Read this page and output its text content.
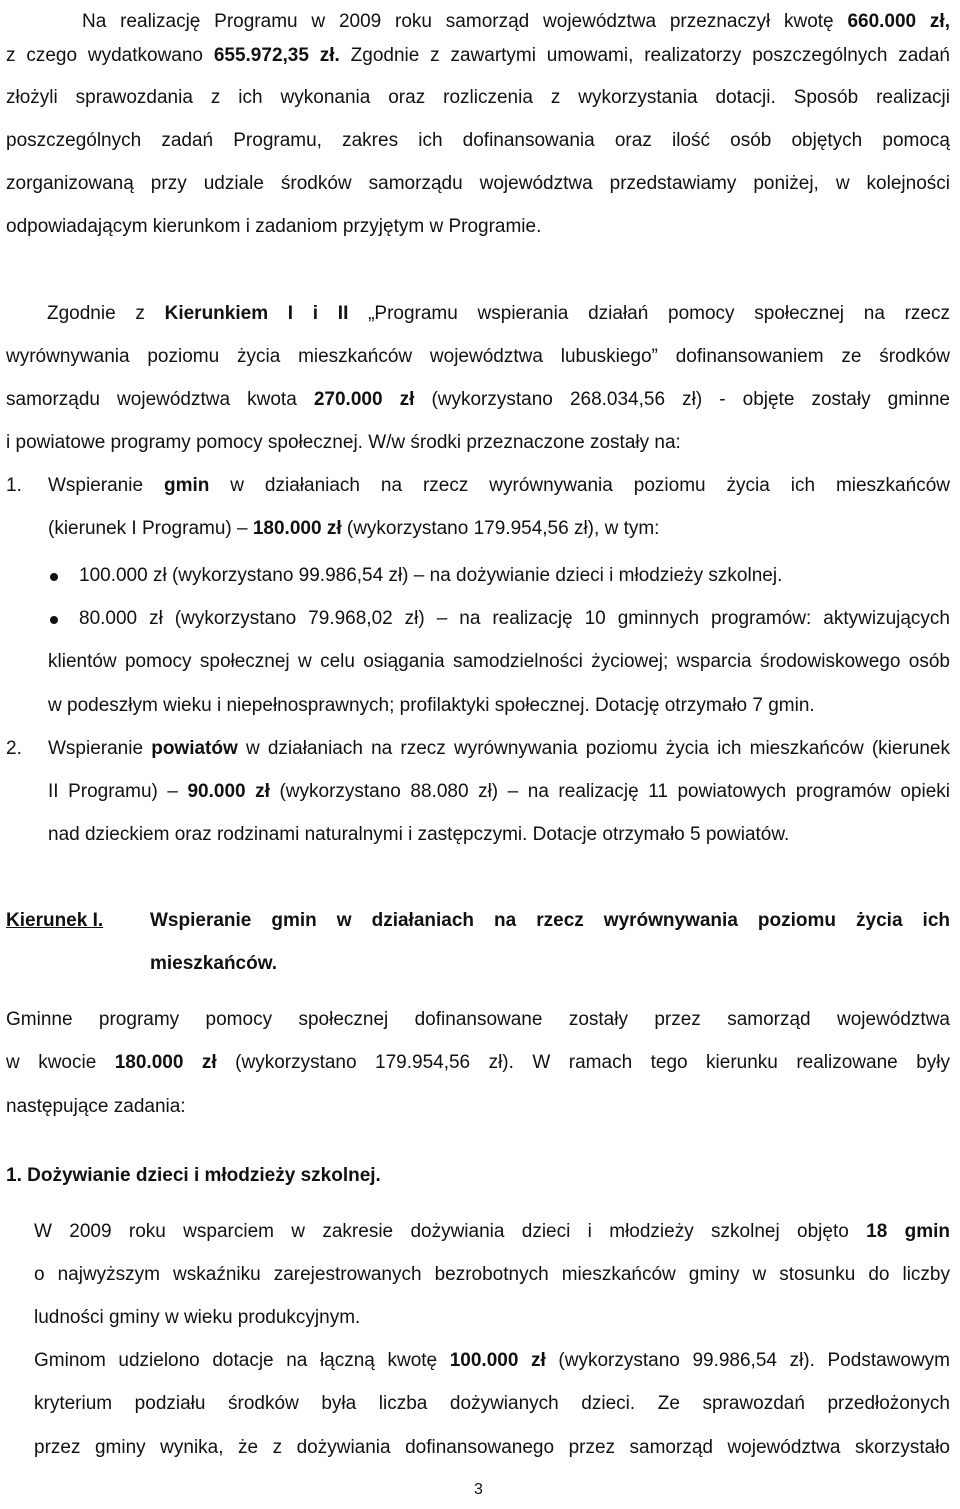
Na realizację Programu w 2009 roku samorząd województwa przeznaczył kwotę 660.000 zł,
z czego wydatkowano 655.972,35 zł. Zgodnie z zawartymi umowami, realizatorzy poszczególnych zadań
złożyli sprawozdania z ich wykonania oraz rozliczenia z wykorzystania dotacji. Sposób realizacji
poszczególnych zadań Programu, zakres ich dofinansowania oraz ilość osób objętych pomocą
zorganizowaną przy udziale środków samorządu województwa przedstawiamy poniżej, w kolejności
odpowiadającym kierunkom i zadaniom przyjętym w Programie.
Zgodnie z Kierunkiem I i II „Programu wspierania działań pomocy społecznej na rzecz
wyrównywania poziomu życia mieszkańców województwa lubuskiego” dofinansowaniem ze środków
samorządu województwa kwota 270.000 zł (wykorzystano 268.034,56 zł) - objęte zostały gminne
i powiatowe programy pomocy społecznej. W/w środki przeznaczone zostały na:
1. Wspieranie gmin w działaniach na rzecz wyrównywania poziomu życia ich mieszkańców
(kierunek I Programu) – 180.000 zł (wykorzystano 179.954,56 zł), w tym:
100.000 zł (wykorzystano 99.986,54 zł) – na dożywianie dzieci i młodzieży szkolnej.
80.000 zł (wykorzystano 79.968,02 zł) – na realizację 10 gminnych programów: aktywizujących
klientów pomocy społecznej w celu osiągania samodzielności życiowej; wsparcia środowiskowego osób
w podeszłym wieku i niepełnosprawnych; profilaktyki społecznej. Dotację otrzymało 7 gmin.
2. Wspieranie powiatów w działaniach na rzecz wyrównywania poziomu życia ich mieszkańców (kierunek
II Programu) – 90.000 zł (wykorzystano 88.080 zł) – na realizację 11 powiatowych programów opieki
nad dzieckiem oraz rodzinami naturalnymi i zastępczymi. Dotacje otrzymało 5 powiatów.
Kierunek I. Wspieranie gmin w działaniach na rzecz wyrównywania poziomu życia ich
mieszkańców.
Gminne programy pomocy społecznej dofinansowane zostały przez samorząd województwa
w kwocie 180.000 zł (wykorzystano 179.954,56 zł). W ramach tego kierunku realizowane były
następujące zadania:
1. Dożywianie dzieci i młodzieży szkolnej.
W 2009 roku wsparciem w zakresie dożywiania dzieci i młodzieży szkolnej objęto 18 gmin
o najwyższym wskaźniku zarejestrowanych bezrobotnych mieszkańców gminy w stosunku do liczby
ludności gminy w wieku produkcyjnym.
Gminom udzielono dotacje na łączną kwotę 100.000 zł (wykorzystano 99.986,54 zł). Podstawowym
kryterium podziału środków była liczba dożywianych dzieci. Ze sprawozdań przedłożonych
przez gminy wynika, że z dożywiania dofinansowanego przez samorząd województwa skorzystało
3
